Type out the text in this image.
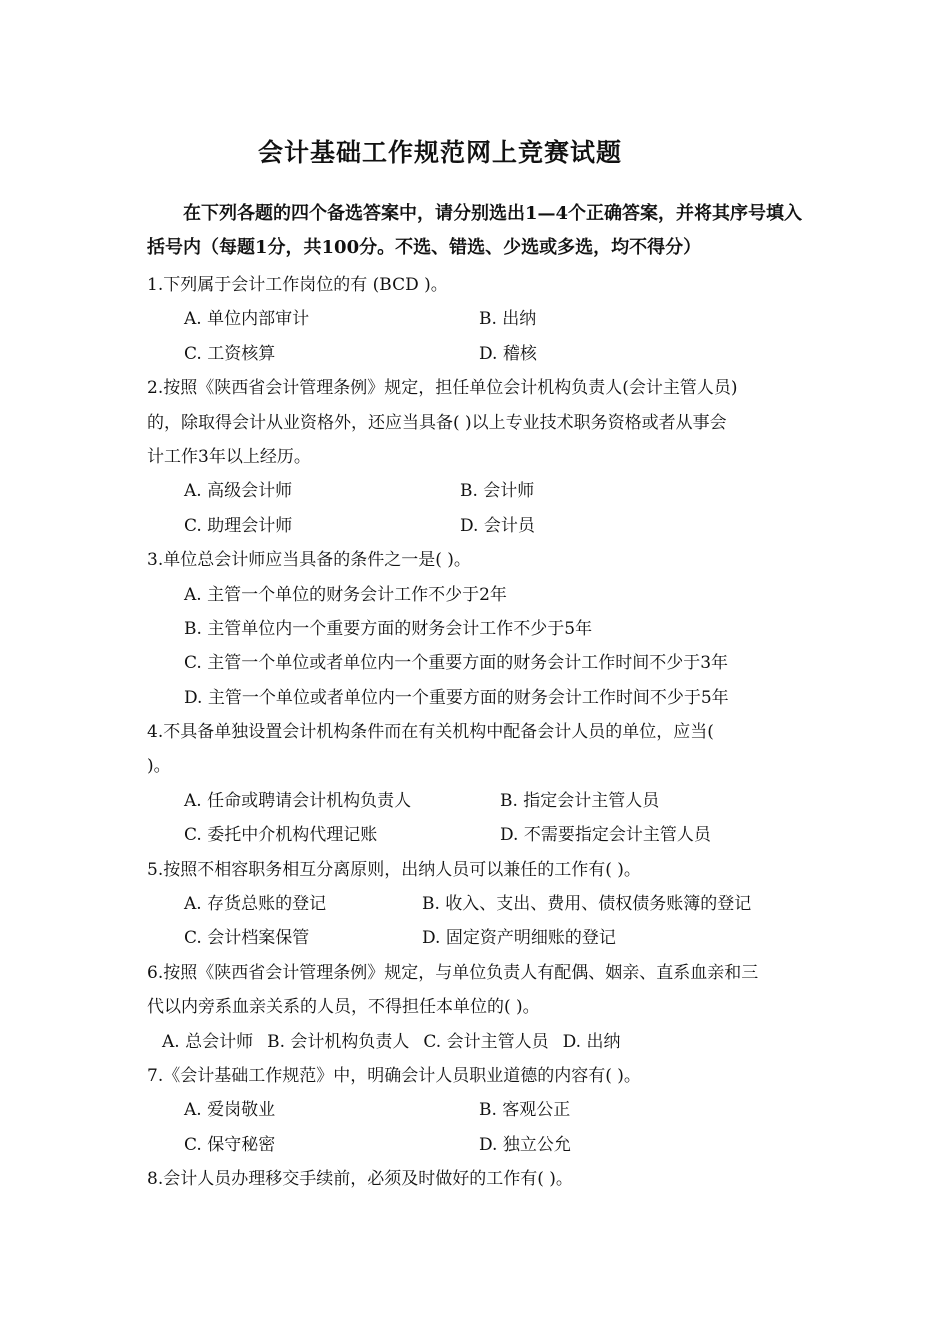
会计基础工作规范网上竞赛试题
在下列各题的四个备选答案中，请分别选出1—4个正确答案，并将其序号填入括号内（每题1分，共100分。不选、错选、少选或多选，均不得分）
1.下列属于会计工作岗位的有 (BCD )。
A. 单位内部审计	B. 出纳
C. 工资核算	D. 稽核
2.按照《陕西省会计管理条例》规定，担任单位会计机构负责人(会计主管人员)
的，除取得会计从业资格外，还应当具备( )以上专业技术职务资格或者从事会
计工作3年以上经历。
A. 高级会计师	B. 会计师
C. 助理会计师	D. 会计员
3.单位总会计师应当具备的条件之一是( )。
A. 主管一个单位的财务会计工作不少于2年
B. 主管单位内一个重要方面的财务会计工作不少于5年
C. 主管一个单位或者单位内一个重要方面的财务会计工作时间不少于3年
D. 主管一个单位或者单位内一个重要方面的财务会计工作时间不少于5年
4.不具备单独设置会计机构条件而在有关机构中配备会计人员的单位，应当(
)。
A. 任命或聘请会计机构负责人	B. 指定会计主管人员
C. 委托中介机构代理记账	D. 不需要指定会计主管人员
5.按照不相容职务相互分离原则，出纳人员可以兼任的工作有( )。
A. 存货总账的登记	B. 收入、支出、费用、债权债务账簿的登记
C. 会计档案保管	D. 固定资产明细账的登记
6.按照《陕西省会计管理条例》规定，与单位负责人有配偶、姻亲、直系血亲和三
代以内旁系血亲关系的人员，不得担任本单位的( )。
A. 总会计师 B. 会计机构负责人 C. 会计主管人员 D. 出纳
7.《会计基础工作规范》中，明确会计人员职业道德的内容有( )。
A. 爱岗敬业	B. 客观公正
C. 保守秘密	D. 独立公允
8.会计人员办理移交手续前，必须及时做好的工作有( )。
